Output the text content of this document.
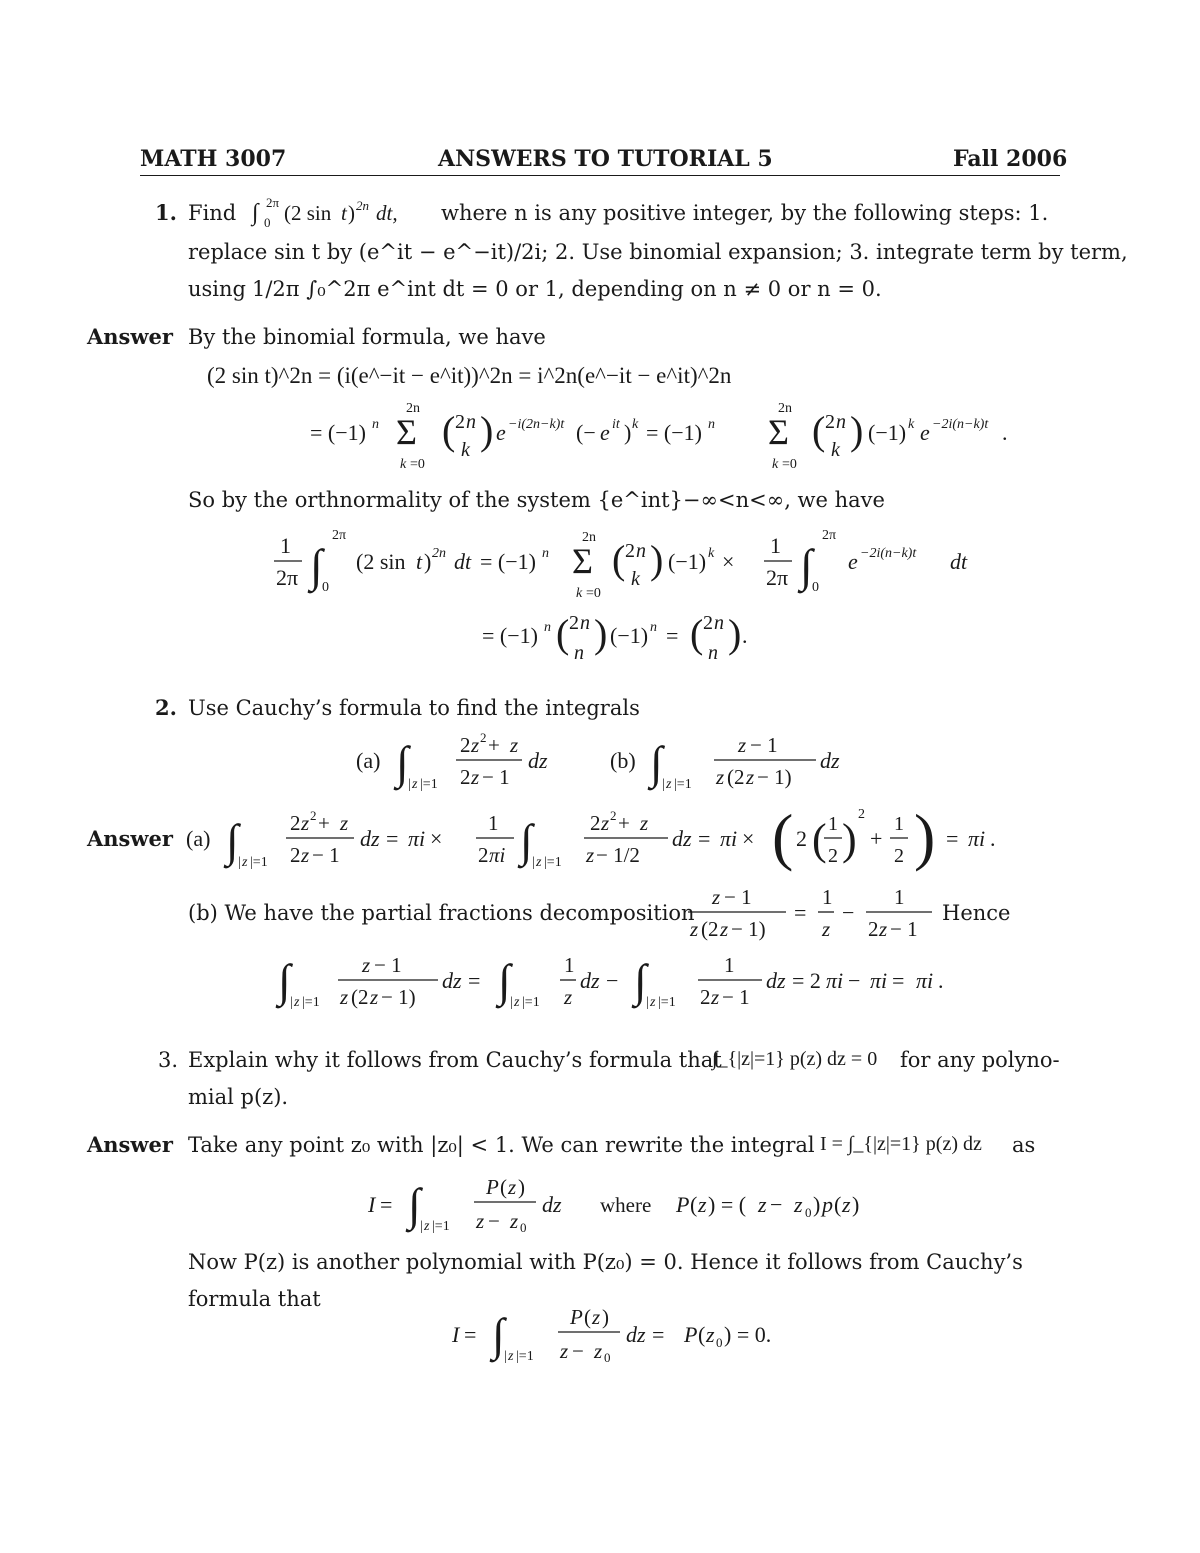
MATH 3007	ANSWERS TO TUTORIAL 5	Fall 2006
1. Find ∫ 0
2π (2 sin t ) 2n dt, where n is any positive integer, by the following steps: 1.
replace sin t by (e^it − e^−it)/2i; 2. Use binomial expansion; 3. integrate term by term,
using 1/2π ∫₀^2π e^int dt = 0 or 1, depending on n ≠ 0 or n = 0.
Answer By the binomial formula, we have
(2 sin t)^2n = (i(e^−it − e^it))^2n = i^2n(e^−it − e^it)^2n
= (−1) n
2n
Σ
k =0
( 2 n
k ) e −i(2n−k)t (− e it ) k = (−1) n
2n
Σ
k =0
( 2 n
k ) (−1) k e −2i(n−k)t .
So by the orthnormality of the system {e^int}−∞<n<∞, we have
1
2π ∫ 0
2π
(2 sin t ) 2n dt = (−1) n
2n
Σ
k =0
( 2 n
k ) (−1) k ×
1
2π ∫ 0
2π
e −2i(n−k)t dt
= (−1) n ( 2 n
n ) (−1) n = ( 2 n
n ) .
2. Use Cauchy’s formula to find the integrals
(a) ∫ | z |=1
2 z 2 + z
2 z − 1
dz	(b) ∫ | z |=1
z − 1
z (2 z − 1)
dz
Answer (a) ∫ | z |=1
2 z 2 + z
2 z − 1
dz = πi ×
1
2 πi ∫ | z |=1
2 z 2 + z
z − 1/2
dz = πi × ( 2 ( 1
2 )
2
+
1
2 ) = πi .
(b) We have the partial fractions decomposition
z − 1
z (2 z − 1)
=
1
z
−
1
2 z − 1
Hence
∫ | z |=1
z − 1
z (2 z − 1)
dz = ∫ | z |=1
1
z
dz − ∫ | z |=1
1
2 z − 1
dz = 2 πi − πi = πi .
3. Explain why it follows from Cauchy’s formula that
∫_{|z|=1} p(z) dz = 0 for any polyno-
mial p(z).
Answer Take any point z₀ with |z₀| < 1. We can rewrite the integral I = ∫_{|z|=1} p(z) dz as
I = ∫ | z |=1
P ( z )
z − z 0
dz where P ( z ) = ( z − z 0 ) p ( z )
Now P(z) is another polynomial with P(z₀) = 0. Hence it follows from Cauchy’s
formula that
I = ∫ | z |=1
P ( z )
z − z 0
dz = P ( z 0 ) = 0.
